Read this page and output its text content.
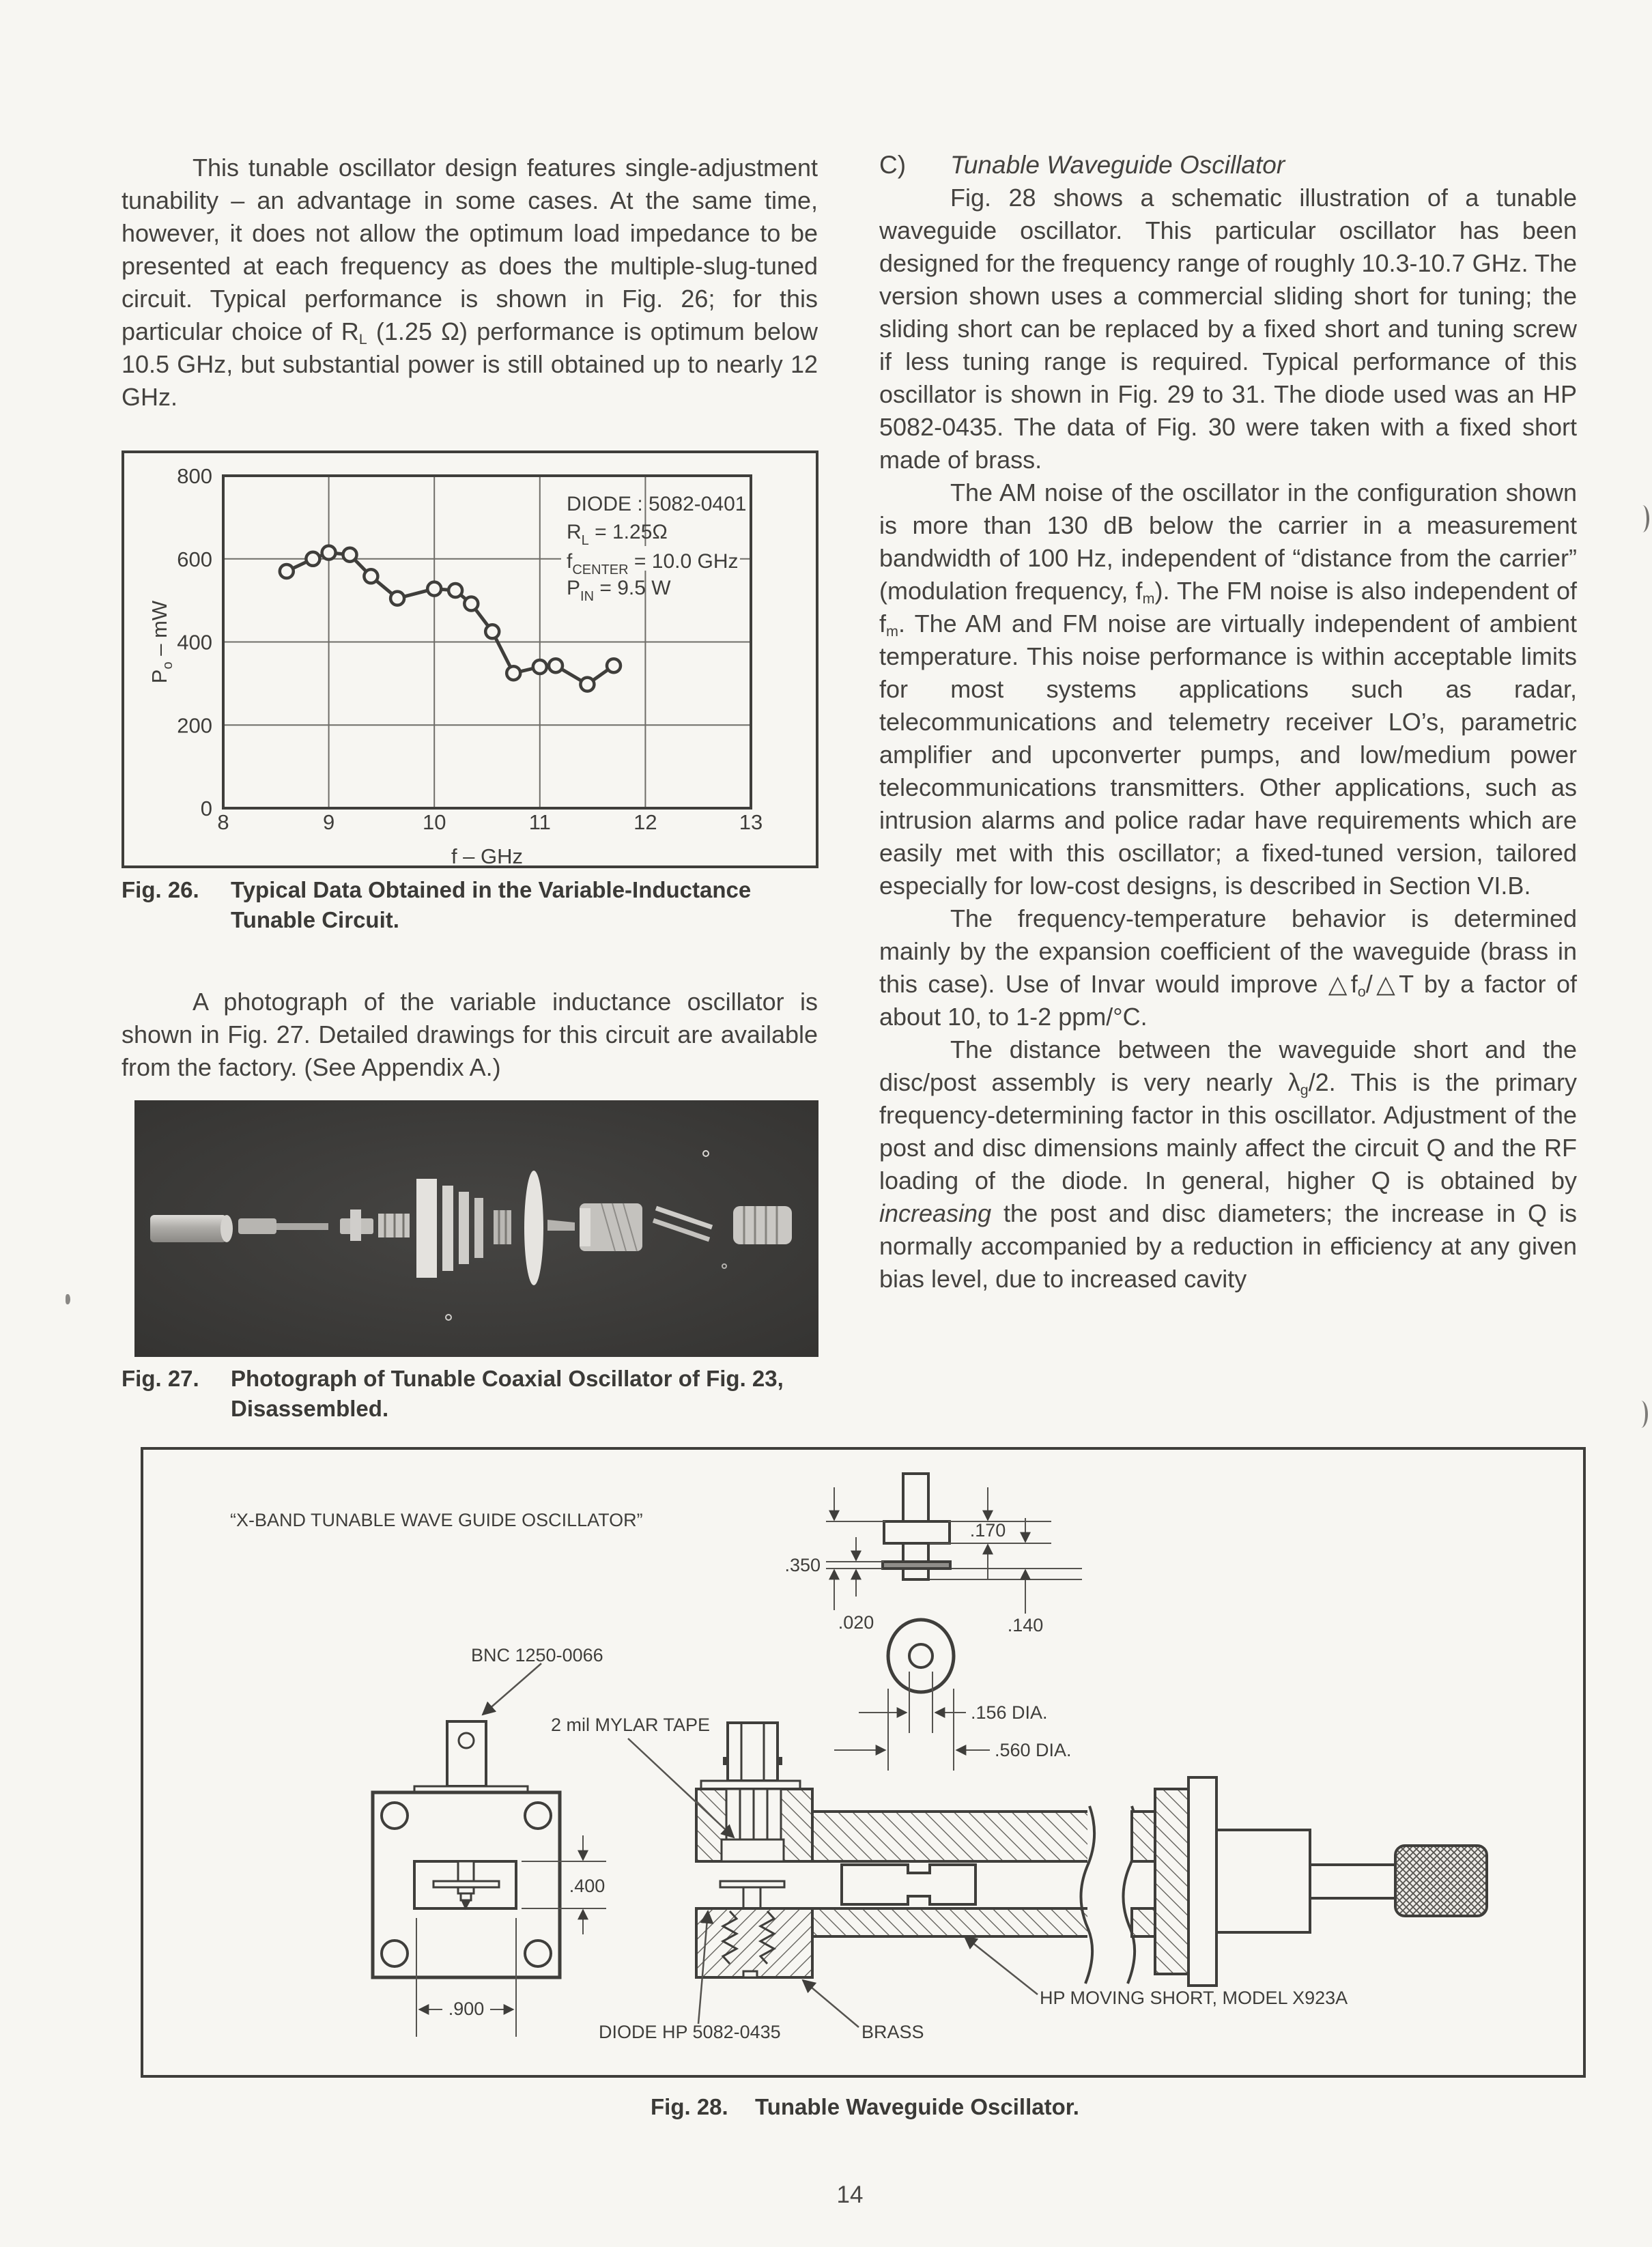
This tunable oscillator design features single-adjustment tunability – an advantage in some cases. At the same time, however, it does not allow the optimum load impedance to be presented at each frequency as does the multiple-slug-tuned circuit. Typical performance is shown in Fig. 26; for this particular choice of $R_L$ (1.25 Ω) performance is optimum below 10.5 GHz, but substantial power is still obtained up to nearly 12 GHz.

8	9	10	11	12	13
0
200
400
600
800
f – GHz
$P_o$ – mW
DIODE : 5082-0401
$R_L = 1.25\Omega$
$f_{CENTER} = 10.0$ GHz
$P_{IN} = 9.5$ W
Fig. 26.	Typical Data Obtained in the Variable-Inductance Tunable Circuit.

A photograph of the variable inductance oscillator is shown in Fig. 27. Detailed drawings for this circuit are available from the factory. (See Appendix A.)

Fig. 27.	Photograph of Tunable Coaxial Oscillator of Fig. 23, Disassembled.
C)	Tunable Waveguide Oscillator

Fig. 28 shows a schematic illustration of a tunable waveguide oscillator. This particular oscillator has been designed for the frequency range of roughly 10.3-10.7 GHz. The version shown uses a commercial sliding short for tuning; the sliding short can be replaced by a fixed short and tuning screw if less tuning range is required. Typical performance of this oscillator is shown in Fig. 29 to 31. The diode used was an HP 5082-0435. The data of Fig. 30 were taken with a fixed short made of brass.

The AM noise of the oscillator in the configuration shown is more than 130 dB below the carrier in a measurement bandwidth of 100 Hz, independent of “distance from the carrier” (modulation frequency, $f_m$). The FM noise is also independent of $f_m$. The AM and FM noise are virtually independent of ambient temperature. This noise performance is within acceptable limits for most systems applications such as radar, telecommunications and telemetry receiver LO’s, parametric amplifier and upconverter pumps, and low/medium power telecommunications transmitters. Other applications, such as intrusion alarms and police radar have requirements which are easily met with this oscillator; a fixed-tuned version, tailored especially for low-cost designs, is described in Section VI.B.

The frequency-temperature behavior is determined mainly by the expansion coefficient of the waveguide (brass in this case). Use of Invar would improve $\triangle f_o/\triangle T$ by a factor of about 10, to 1-2 ppm/°C.

The distance between the waveguide short and the disc/post assembly is very nearly $\lambda_g/2$. This is the primary frequency-determining factor in this oscillator. Adjustment of the post and disc dimensions mainly affect the circuit Q and the RF loading of the diode. In general, higher Q is obtained by increasing the post and disc diameters; the increase in Q is normally accompanied by a reduction in efficiency at any given bias level, due to increased cavity

“X-BAND TUNABLE WAVE GUIDE OSCILLATOR”
.350
.020
.170
.140
.156 DIA.
.560 DIA.
.400
.900
BNC 1250-0066
2 mil MYLAR TAPE
DIODE HP 5082-0435	BRASS
HP MOVING SHORT, MODEL X923A
Fig. 28.	Tunable Waveguide Oscillator.
14
